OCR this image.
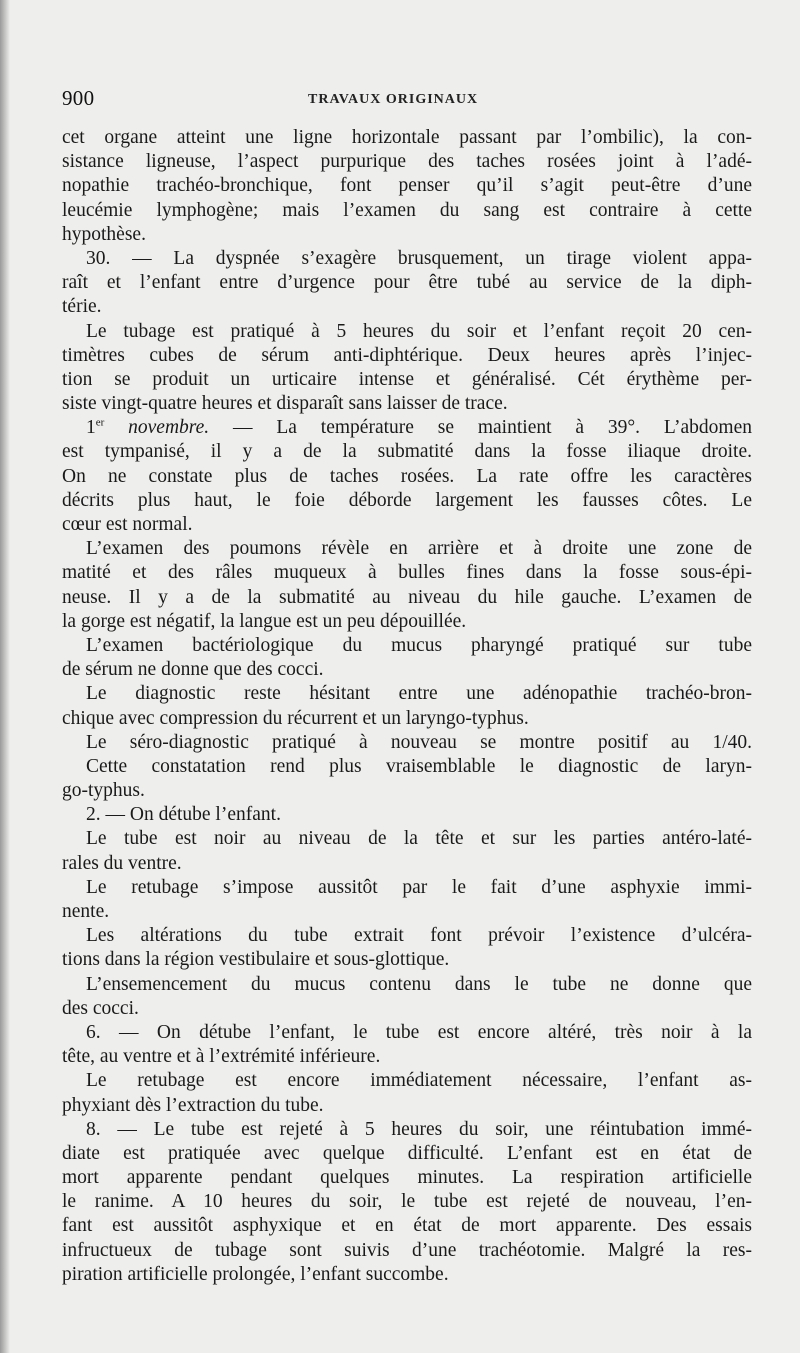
900	TRAVAUX ORIGINAUX
cet organe atteint une ligne horizontale passant par l’ombilic), la con-
sistance ligneuse, l’aspect purpurique des taches rosées joint à l’adé-
nopathie trachéo-bronchique, font penser qu’il s’agit peut-être d’une
leucémie lymphogène; mais l’examen du sang est contraire à cette
hypothèse.
30. — La dyspnée s’exagère brusquement, un tirage violent appa-
raît et l’enfant entre d’urgence pour être tubé au service de la diph-
térie.
Le tubage est pratiqué à 5 heures du soir et l’enfant reçoit 20 cen-
timètres cubes de sérum anti-diphtérique. Deux heures après l’injec-
tion se produit un urticaire intense et généralisé. Cét érythème per-
siste vingt-quatre heures et disparaît sans laisser de trace.
1er novembre. — La température se maintient à 39°. L’abdomen
est tympanisé, il y a de la submatité dans la fosse iliaque droite.
On ne constate plus de taches rosées. La rate offre les caractères
décrits plus haut, le foie déborde largement les fausses côtes. Le
cœur est normal.
L’examen des poumons révèle en arrière et à droite une zone de
matité et des râles muqueux à bulles fines dans la fosse sous-épi-
neuse. Il y a de la submatité au niveau du hile gauche. L’examen de
la gorge est négatif, la langue est un peu dépouillée.
L’examen bactériologique du mucus pharyngé pratiqué sur tube
de sérum ne donne que des cocci.
Le diagnostic reste hésitant entre une adénopathie trachéo-bron-
chique avec compression du récurrent et un laryngo-typhus.
Le séro-diagnostic pratiqué à nouveau se montre positif au 1/40.
Cette constatation rend plus vraisemblable le diagnostic de laryn-
go-typhus.
2. — On détube l’enfant.
Le tube est noir au niveau de la tête et sur les parties antéro-laté-
rales du ventre.
Le retubage s’impose aussitôt par le fait d’une asphyxie immi-
nente.
Les altérations du tube extrait font prévoir l’existence d’ulcéra-
tions dans la région vestibulaire et sous-glottique.
L’ensemencement du mucus contenu dans le tube ne donne que
des cocci.
6. — On détube l’enfant, le tube est encore altéré, très noir à la
tête, au ventre et à l’extrémité inférieure.
Le retubage est encore immédiatement nécessaire, l’enfant as-
phyxiant dès l’extraction du tube.
8. — Le tube est rejeté à 5 heures du soir, une réintubation immé-
diate est pratiquée avec quelque difficulté. L’enfant est en état de
mort apparente pendant quelques minutes. La respiration artificielle
le ranime. A 10 heures du soir, le tube est rejeté de nouveau, l’en-
fant est aussitôt asphyxique et en état de mort apparente. Des essais
infructueux de tubage sont suivis d’une trachéotomie. Malgré la res-
piration artificielle prolongée, l’enfant succombe.
